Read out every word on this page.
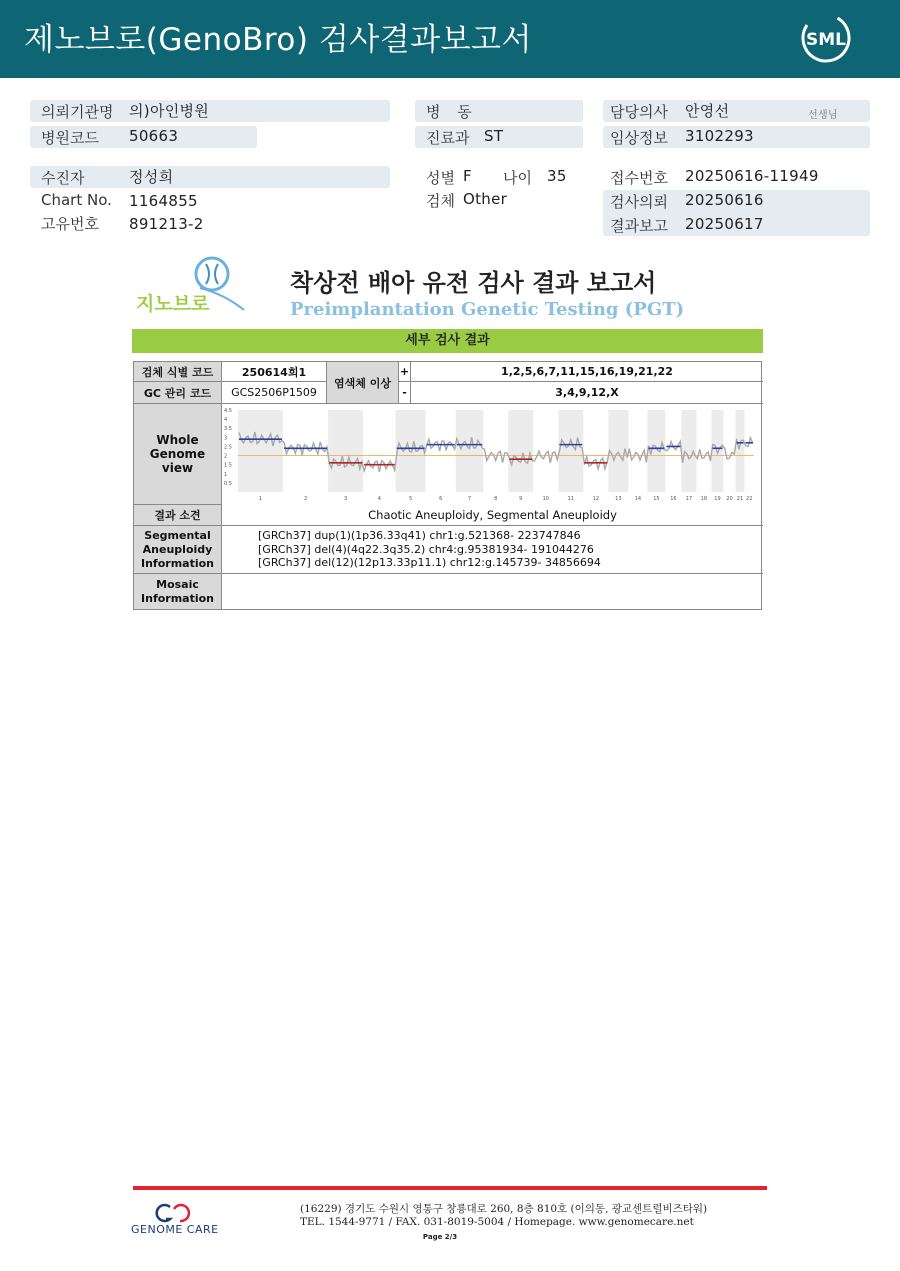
제노브로(GenoBro) 검사결과보고서	SML
의뢰기관명 의)아인병원
병원코드 50663
병 동
진료과 ST
담당의사 안영선	선생님
임상정보 3102293
수진자	정성희
Chart No. 1164855
고유번호 891213-2
성별 F 나이 35
검체 Other
접수번호 20250616-11949
검사의뢰 20250616
결과보고 20250617
지노브로
착상전 배아 유전 검사 결과 보고서
Preimplantation Genetic Testing (PGT)
세부 검사 결과
검체 식별 코드	250614희1
GC 관리 코드	GCS2506P1509
염색체 이상
+	1,2,5,6,7,11,15,16,19,21,22
-	3,4,9,12,X
Whole Genome view
4.5
4
3.5
3
2.5
2
1.5
1
0.5
1	2	3	4	5	6	7	8	9	10	11	12	13	14 15 16 17 18 19 20 21 22
결과 소견	Chaotic Aneuploidy, Segmental Aneuploidy
Segmental Aneuploidy Information
[GRCh37] dup(1)(1p36.33q41) chr1:g.521368- 223747846
[GRCh37] del(4)(4q22.3q35.2) chr4:g.95381934- 191044276
[GRCh37] del(12)(12p13.33p11.1) chr12:g.145739- 34856694
Mosaic Information
GENOME CARE
(16229) 경기도 수원시 영통구 창룡대로 260, 8층 810호 (이의동, 광교센트럴비즈타워)
TEL. 1544-9771 / FAX. 031-8019-5004 / Homepage. www.genomecare.net
Page 2/3
